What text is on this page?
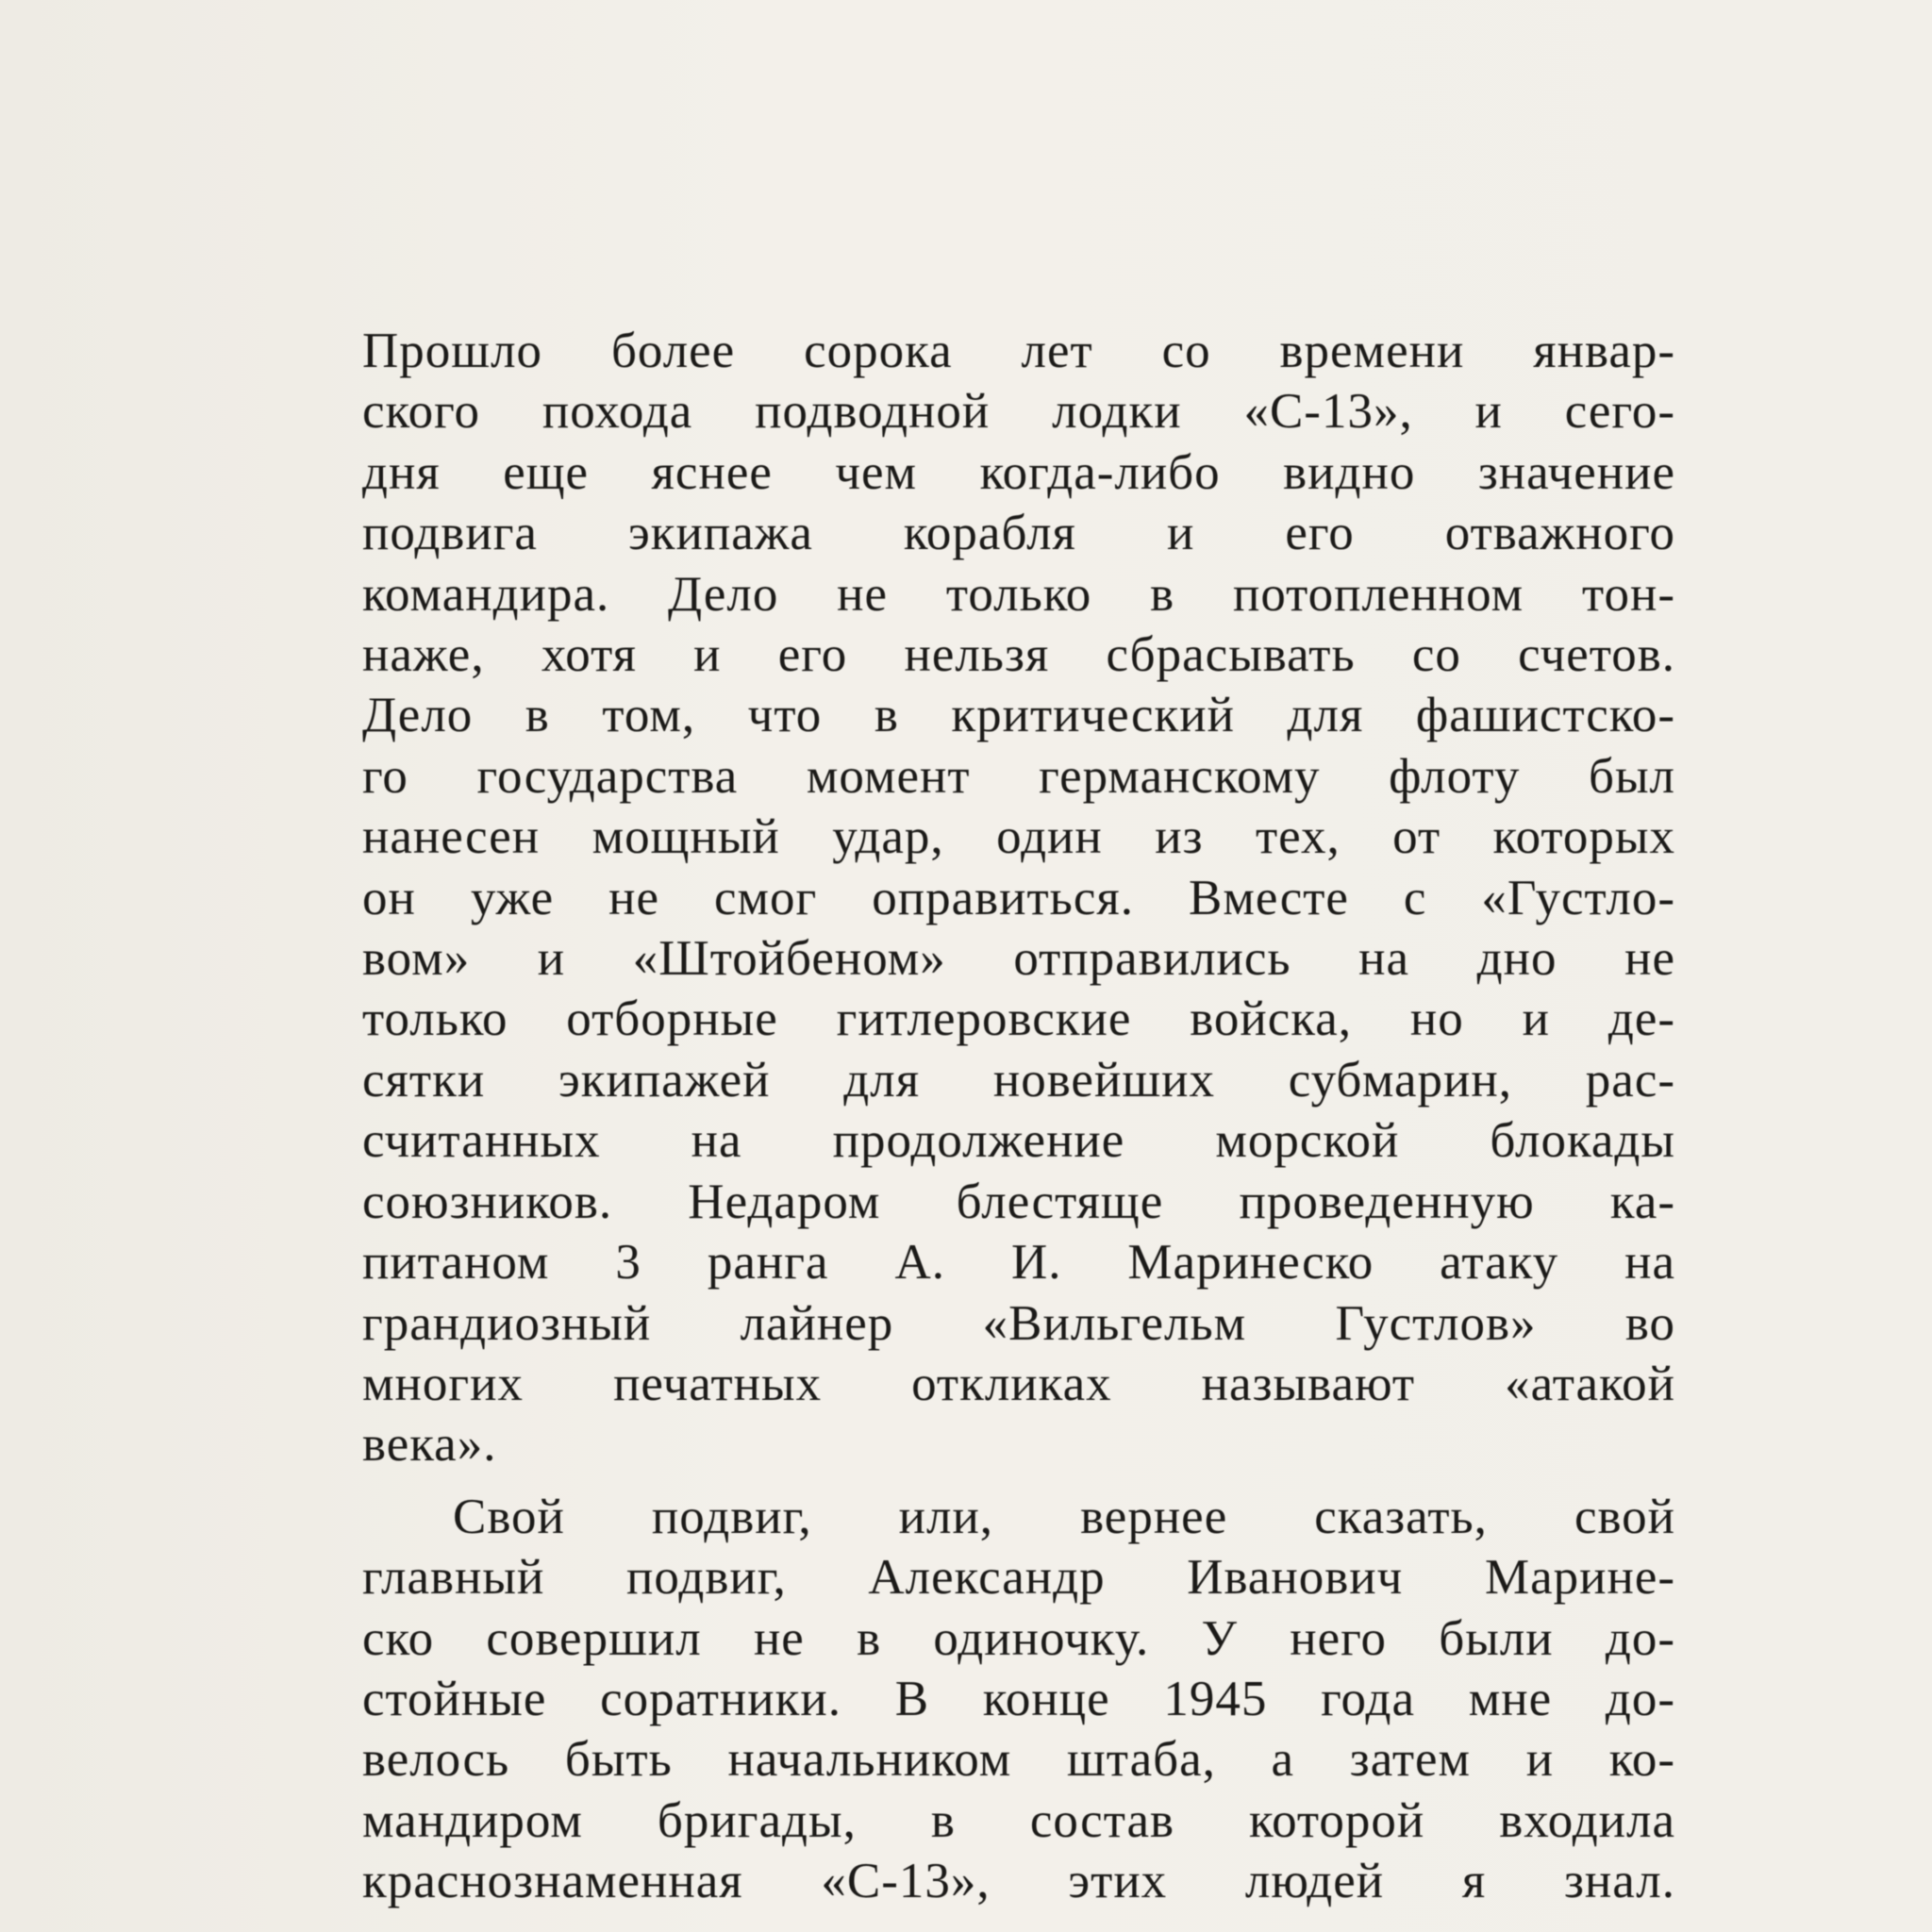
Прошло более сорока лет со времени январ-

ского похода подводной лодки «С-13», и сего-

дня еще яснее чем когда-либо видно значение

подвига экипажа корабля и его отважного

командира. Дело не только в потопленном тон-

наже, хотя и его нельзя сбрасывать со счетов.

Дело в том, что в критический для фашистско-

го государства момент германскому флоту был

нанесен мощный удар, один из тех, от которых

он уже не смог оправиться. Вместе с «Густло-

вом» и «Штойбеном» отправились на дно не

только отборные гитлеровские войска, но и де-

сятки экипажей для новейших субмарин, рас-

считанных на продолжение морской блокады

союзников. Недаром блестяще проведенную ка-

питаном 3 ранга А. И. Маринеско атаку на

грандиозный лайнер «Вильгельм Густлов» во

многих печатных откликах называют «атакой

века».

Свой подвиг, или, вернее сказать, свой

главный подвиг, Александр Иванович Марине-

ско совершил не в одиночку. У него были до-

стойные соратники. В конце 1945 года мне до-

велось быть начальником штаба, а затем и ко-

мандиром бригады, в состав которой входила

краснознаменная «С-13», этих людей я знал.
